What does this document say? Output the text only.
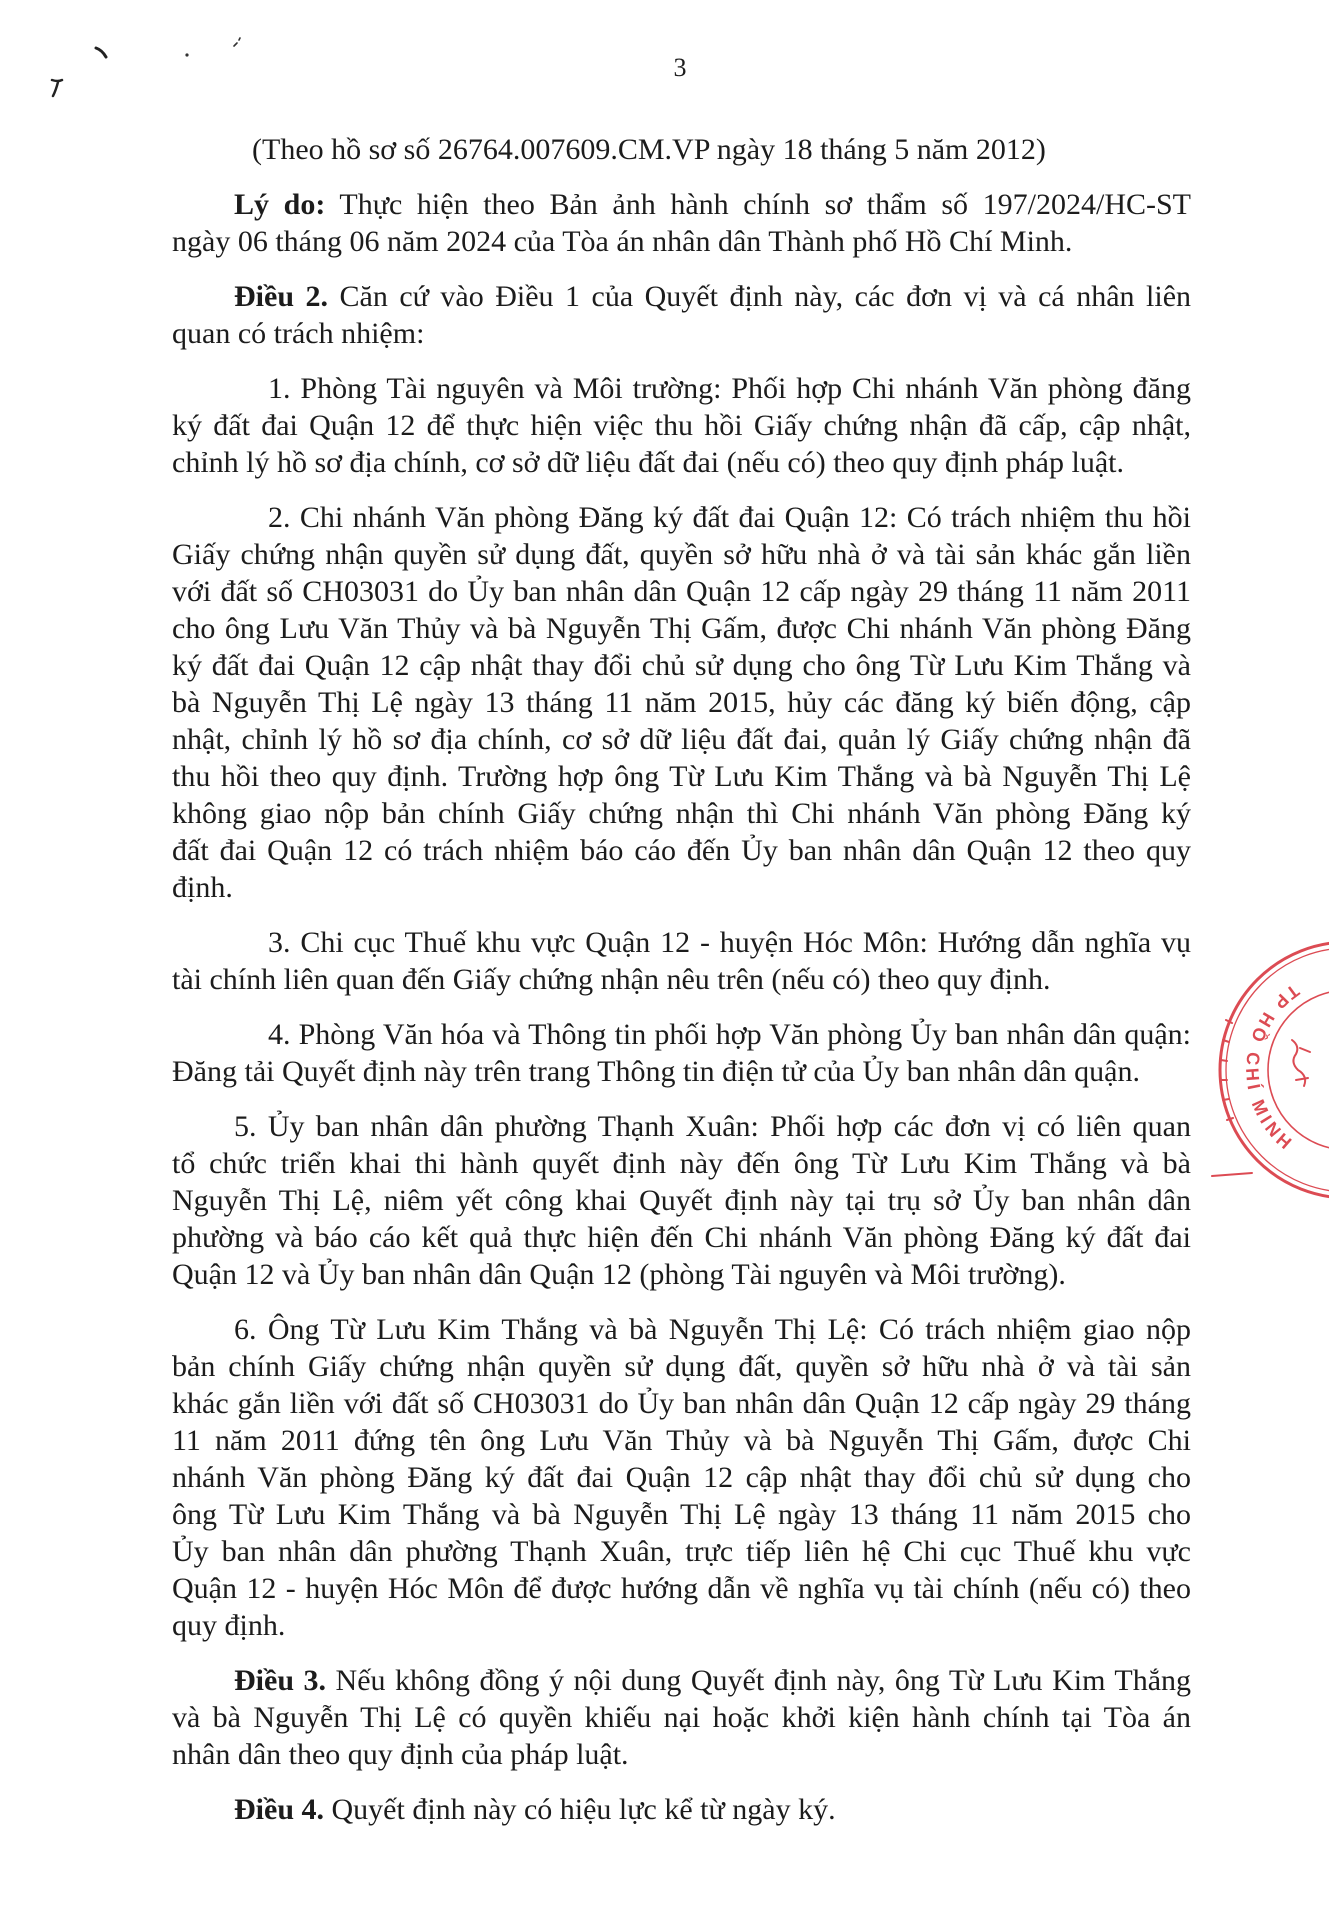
3
(Theo hồ sơ số 26764.007609.CM.VP ngày 18 tháng 5 năm 2012)
Lý do: Thực hiện theo Bản ảnh hành chính sơ thẩm số 197/2024/HC-ST
ngày 06 tháng 06 năm 2024 của Tòa án nhân dân Thành phố Hồ Chí Minh.
Điều 2. Căn cứ vào Điều 1 của Quyết định này, các đơn vị và cá nhân liên
quan có trách nhiệm:
1. Phòng Tài nguyên và Môi trường: Phối hợp Chi nhánh Văn phòng đăng
ký đất đai Quận 12 để thực hiện việc thu hồi Giấy chứng nhận đã cấp, cập nhật,
chỉnh lý hồ sơ địa chính, cơ sở dữ liệu đất đai (nếu có) theo quy định pháp luật.
2. Chi nhánh Văn phòng Đăng ký đất đai Quận 12: Có trách nhiệm thu hồi
Giấy chứng nhận quyền sử dụng đất, quyền sở hữu nhà ở và tài sản khác gắn liền
với đất số CH03031 do Ủy ban nhân dân Quận 12 cấp ngày 29 tháng 11 năm 2011
cho ông Lưu Văn Thủy và bà Nguyễn Thị Gấm, được Chi nhánh Văn phòng Đăng
ký đất đai Quận 12 cập nhật thay đổi chủ sử dụng cho ông Từ Lưu Kim Thắng và
bà Nguyễn Thị Lệ ngày 13 tháng 11 năm 2015, hủy các đăng ký biến động, cập
nhật, chỉnh lý hồ sơ địa chính, cơ sở dữ liệu đất đai, quản lý Giấy chứng nhận đã
thu hồi theo quy định. Trường hợp ông Từ Lưu Kim Thắng và bà Nguyễn Thị Lệ
không giao nộp bản chính Giấy chứng nhận thì Chi nhánh Văn phòng Đăng ký
đất đai Quận 12 có trách nhiệm báo cáo đến Ủy ban nhân dân Quận 12 theo quy
định.
3. Chi cục Thuế khu vực Quận 12 - huyện Hóc Môn: Hướng dẫn nghĩa vụ
tài chính liên quan đến Giấy chứng nhận nêu trên (nếu có) theo quy định.
4. Phòng Văn hóa và Thông tin phối hợp Văn phòng Ủy ban nhân dân quận:
Đăng tải Quyết định này trên trang Thông tin điện tử của Ủy ban nhân dân quận.
5. Ủy ban nhân dân phường Thạnh Xuân: Phối hợp các đơn vị có liên quan
tổ chức triển khai thi hành quyết định này đến ông Từ Lưu Kim Thắng và bà
Nguyễn Thị Lệ, niêm yết công khai Quyết định này tại trụ sở Ủy ban nhân dân
phường và báo cáo kết quả thực hiện đến Chi nhánh Văn phòng Đăng ký đất đai
Quận 12 và Ủy ban nhân dân Quận 12 (phòng Tài nguyên và Môi trường).
6. Ông Từ Lưu Kim Thắng và bà Nguyễn Thị Lệ: Có trách nhiệm giao nộp
bản chính Giấy chứng nhận quyền sử dụng đất, quyền sở hữu nhà ở và tài sản
khác gắn liền với đất số CH03031 do Ủy ban nhân dân Quận 12 cấp ngày 29 tháng
11 năm 2011 đứng tên ông Lưu Văn Thủy và bà Nguyễn Thị Gấm, được Chi
nhánh Văn phòng Đăng ký đất đai Quận 12 cập nhật thay đổi chủ sử dụng cho
ông Từ Lưu Kim Thắng và bà Nguyễn Thị Lệ ngày 13 tháng 11 năm 2015 cho
Ủy ban nhân dân phường Thạnh Xuân, trực tiếp liên hệ Chi cục Thuế khu vực
Quận 12 - huyện Hóc Môn để được hướng dẫn về nghĩa vụ tài chính (nếu có) theo
quy định.
Điều 3. Nếu không đồng ý nội dung Quyết định này, ông Từ Lưu Kim Thắng
và bà Nguyễn Thị Lệ có quyền khiếu nại hoặc khởi kiện hành chính tại Tòa án
nhân dân theo quy định của pháp luật.
Điều 4. Quyết định này có hiệu lực kể từ ngày ký.
TP HỒ CHÍ MINH
